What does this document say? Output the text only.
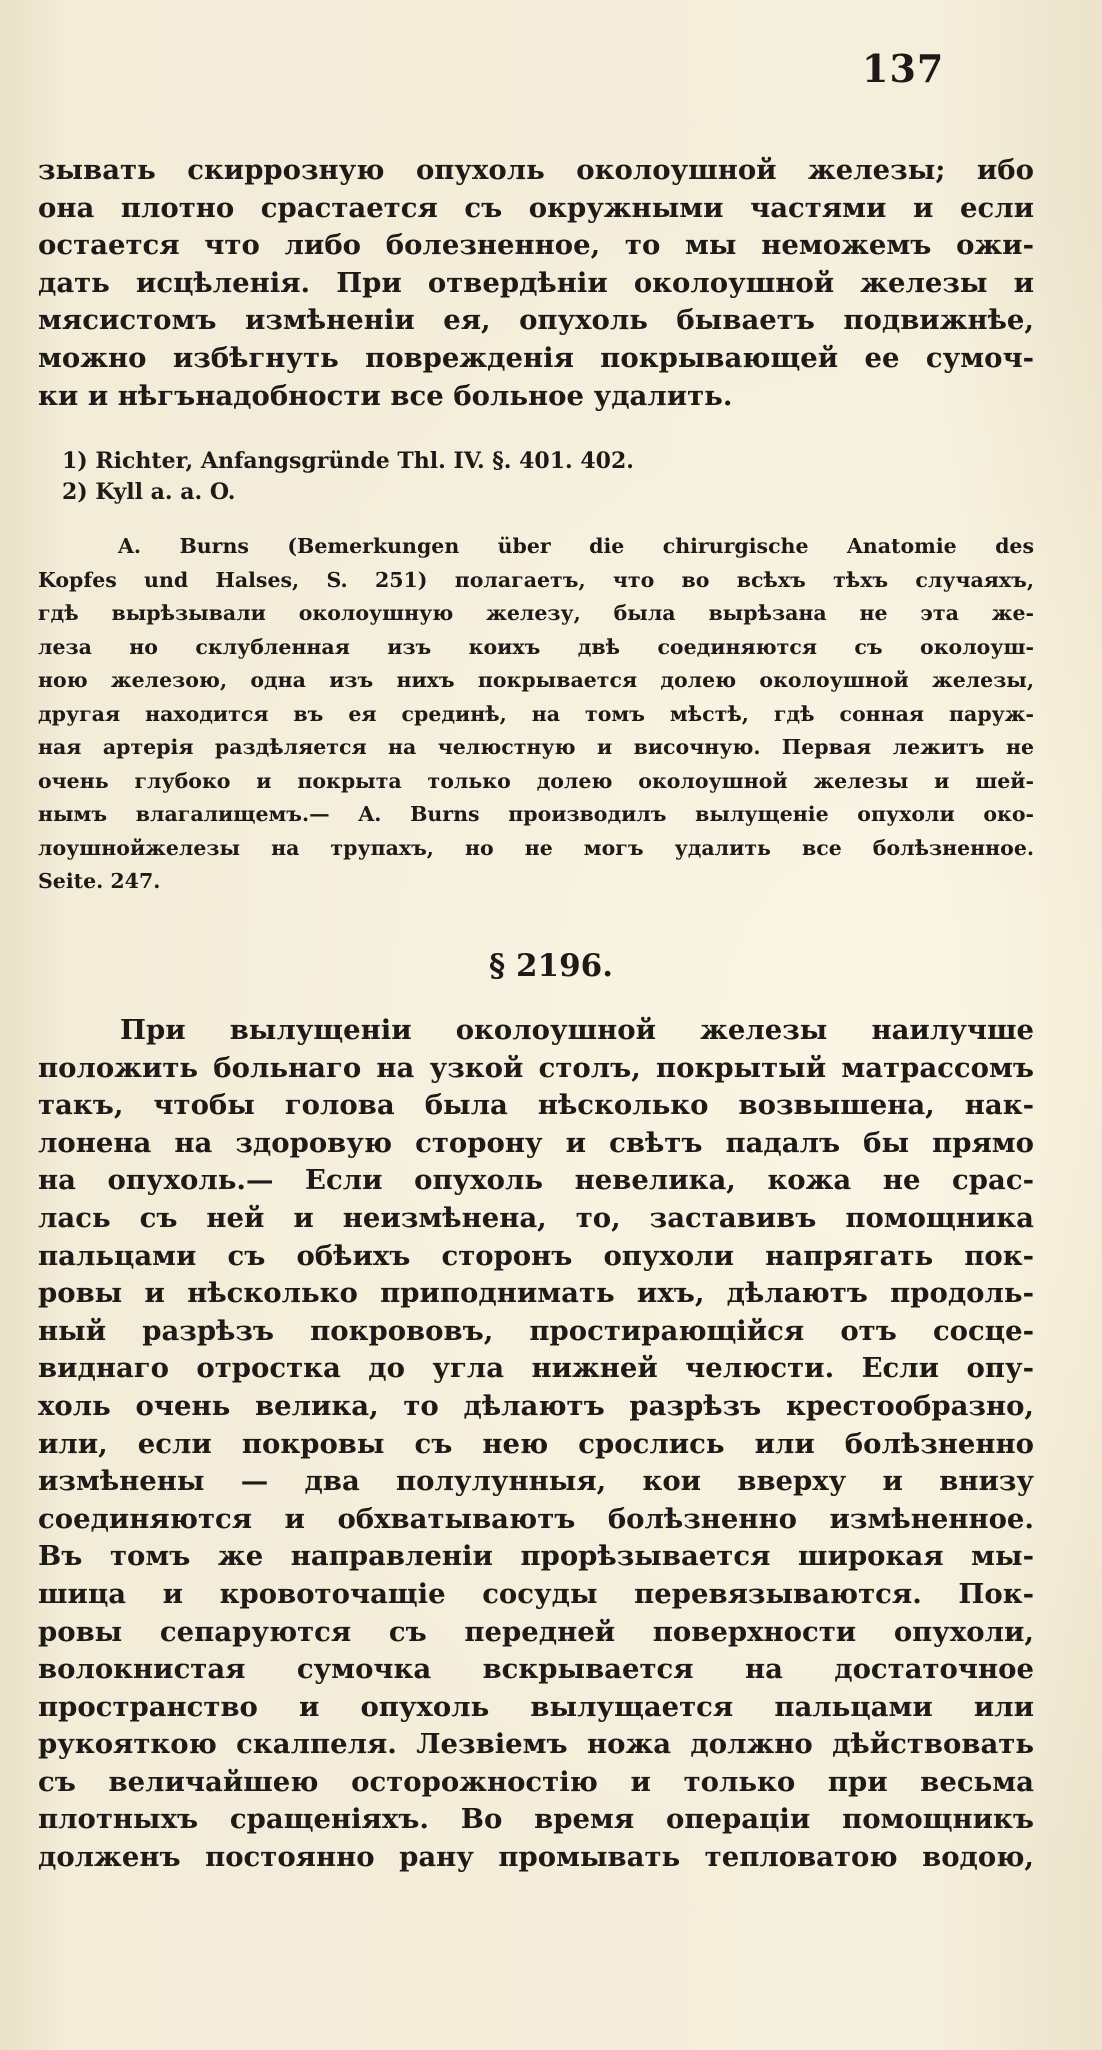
137

зывать скиррозную опухоль околоушной железы; ибо

она плотно срастается съ окружными частями и если

остается что либо болезненное, то мы неможемъ ожи-

дать исцѣленія. При отвердѣніи околоушной железы и

мясистомъ измѣненіи ея, опухоль бываетъ подвижнѣе,

можно избѣгнуть поврежденія покрывающей ее сумоч-

ки и нѣгънадобности все больное удалить.

1) Richter, Anfangsgründe Thl. IV. §. 401. 402.

2) Kyll a. a. O.

A. Burns (Bemerkungen über die chirurgische Anatomie des

Kopfes und Halses, S. 251) полагаетъ, что во всѣхъ тѣхъ случаяхъ,

гдѣ вырѣзывали околоушную железу, была вырѣзана не эта же-

леза но склубленная изъ коихъ двѣ соединяются съ околоуш-

ною железою, одна изъ нихъ покрывается долею околоушной железы,

другая находится въ ея срединѣ, на томъ мѣстѣ, гдѣ сонная паруж-

ная артерія раздѣляется на челюстную и височную. Первая лежитъ не

очень глубоко и покрыта только долею околоушной железы и шей-

нымъ влагалищемъ.— A. Burns производилъ вылущеніе опухоли око-

лоушнойжелезы на трупахъ, но не могъ удалить все болѣзненное.

Seite. 247.

§ 2196.

При вылущеніи околоушной железы наилучше

положить больнаго на узкой столъ, покрытый матрассомъ

такъ, чтобы голова была нѣсколько возвышена, нак-

лонена на здоровую сторону и свѣтъ падалъ бы прямо

на опухоль.— Если опухоль невелика, кожа не срас-

лась съ ней и неизмѣнена, то, заставивъ помощника

пальцами съ обѣихъ сторонъ опухоли напрягать пок-

ровы и нѣсколько приподнимать ихъ, дѣлаютъ продоль-

ный разрѣзъ покрововъ, простирающійся отъ сосце-

виднаго отростка до угла нижней челюсти. Если опу-

холь очень велика, то дѣлаютъ разрѣзъ крестообразно,

или, если покровы съ нею срослись или болѣзненно

измѣнены — два полулунныя, кои вверху и внизу

соединяются и обхватываютъ болѣзненно измѣненное.

Въ томъ же направленіи прорѣзывается широкая мы-

шица и кровоточащіе сосуды перевязываются. Пок-

ровы сепаруются съ передней поверхности опухоли,

волокнистая сумочка вскрывается на достаточное

пространство и опухоль вылущается пальцами или

рукояткою скалпеля. Лезвіемъ ножа должно дѣйствовать

съ величайшею осторожностію и только при весьма

плотныхъ сращеніяхъ. Во время операціи помощникъ

долженъ постоянно рану промывать тепловатою водою,
